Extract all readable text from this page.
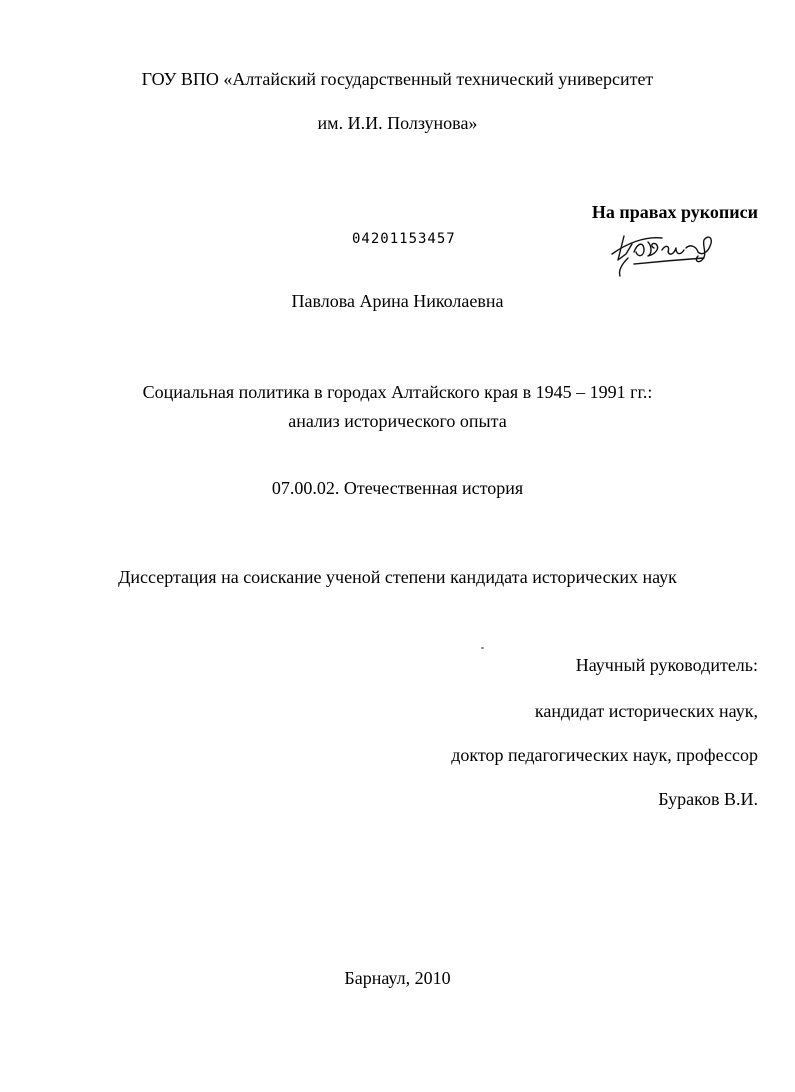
ГОУ ВПО «Алтайский государственный технический университет
им. И.И. Ползунова»
На правах рукописи
04201153457
Павлова Арина Николаевна
Социальная политика в городах Алтайского края в 1945 – 1991 гг.:
анализ исторического опыта
07.00.02. Отечественная история
Диссертация на соискание ученой степени кандидата исторических наук
Научный руководитель:
кандидат исторических наук,
доктор педагогических наук, профессор
Бураков В.И.
Барнаул, 2010
